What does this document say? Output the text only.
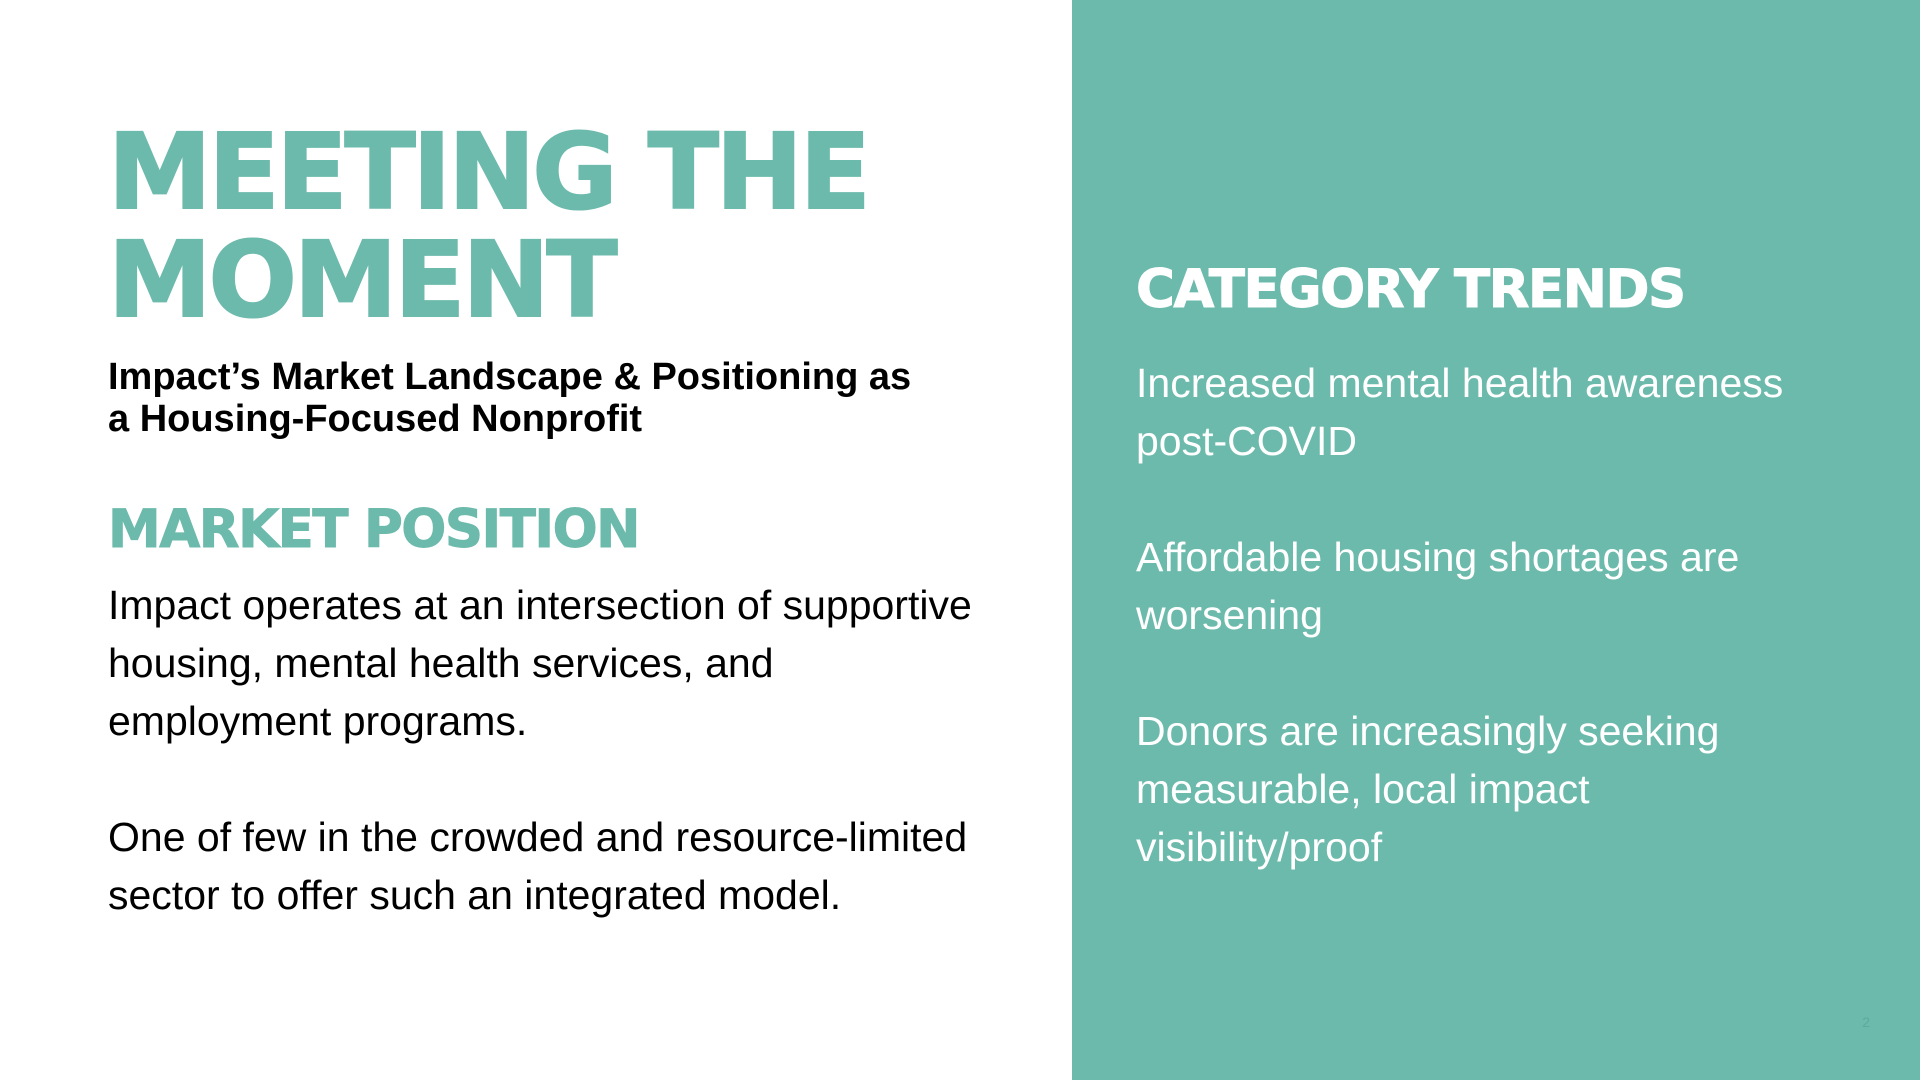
MEETING THE
MOMENT
Impact’s Market Landscape & Positioning as
a Housing-Focused Nonprofit
MARKET POSITION

Impact operates at an intersection of supportive
housing, mental health services, and
employment programs.

One of few in the crowded and resource-limited
sector to offer such an integrated model.

CATEGORY TRENDS
Increased mental health awareness
post-COVID
Affordable housing shortages are
worsening
Donors are increasingly seeking
measurable, local impact
visibility/proof
2
